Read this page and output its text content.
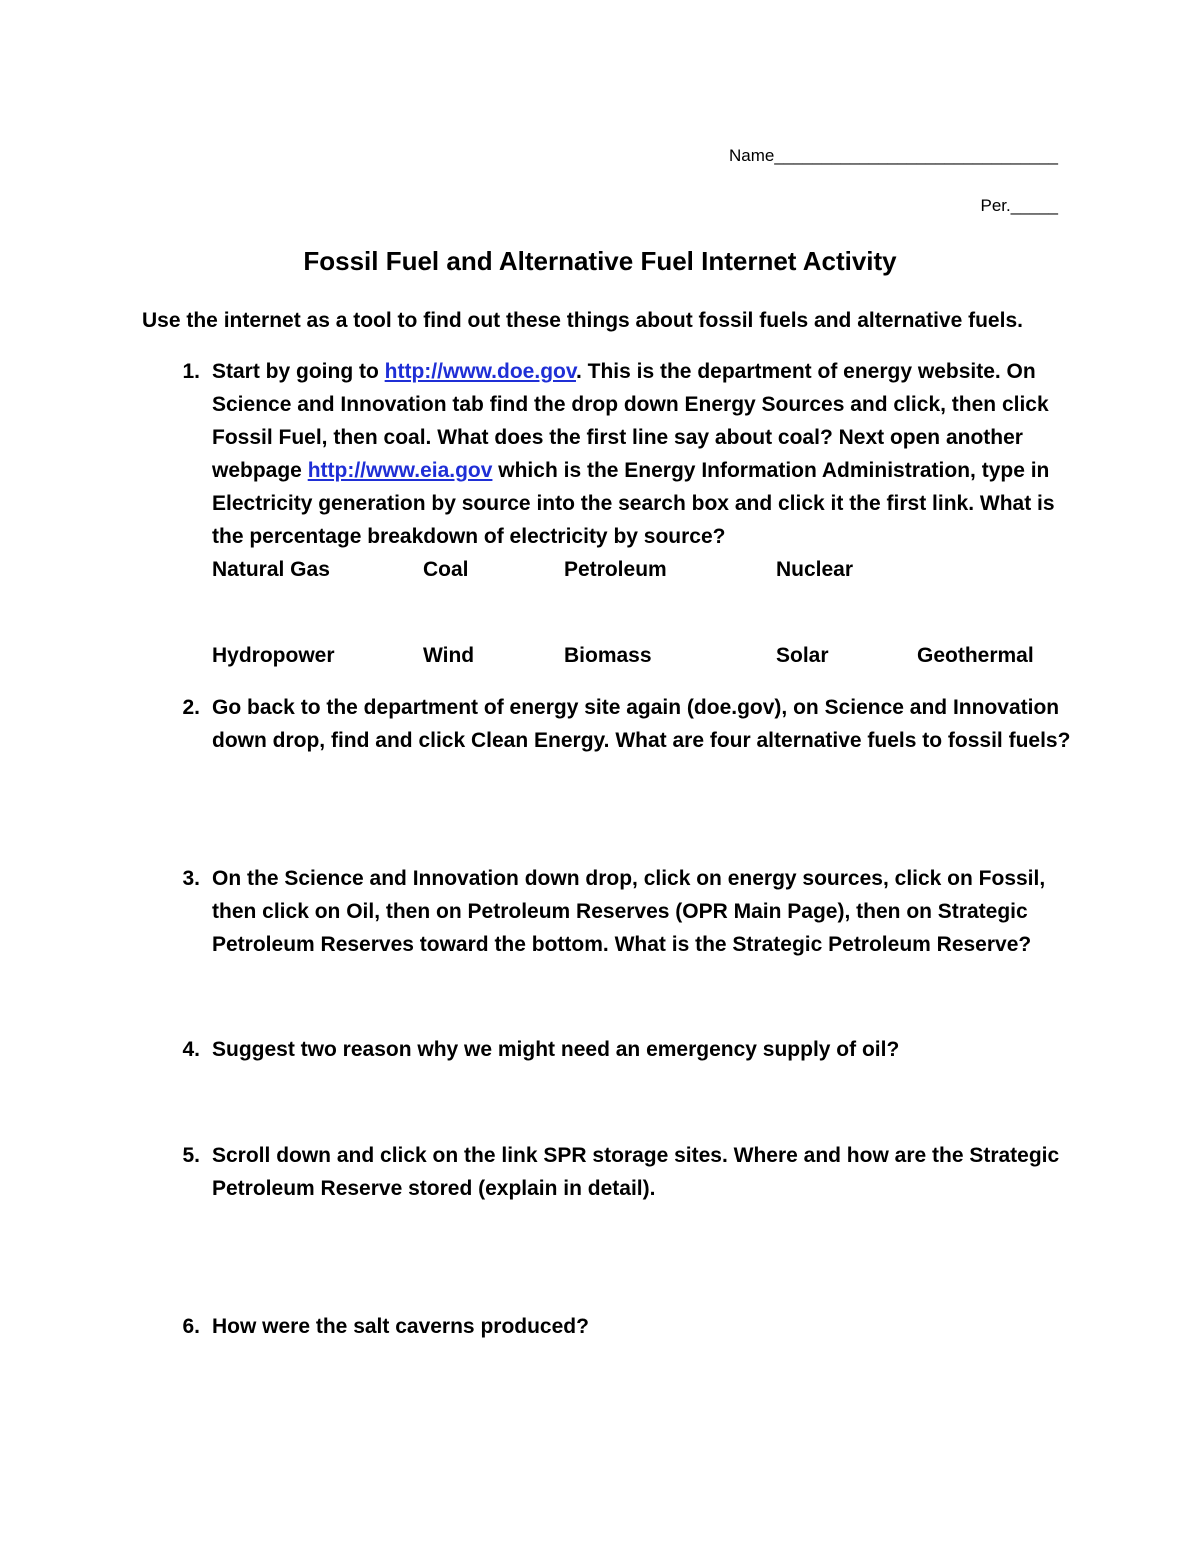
Name______________________________
Per._____
Fossil Fuel and Alternative Fuel Internet Activity
Use the internet as a tool to find out these things about fossil fuels and alternative fuels.
1. Start by going to http://www.doe.gov. This is the department of energy website. On
Science and Innovation tab find the drop down Energy Sources and click, then click
Fossil Fuel, then coal. What does the first line say about coal? Next open another
webpage http://www.eia.gov which is the Energy Information Administration, type in
Electricity generation by source into the search box and click it the first link. What is
the percentage breakdown of electricity by source?
Natural Gas	Coal	Petroleum	Nuclear
Hydropower	Wind	Biomass	Solar	Geothermal
2. Go back to the department of energy site again (doe.gov), on Science and Innovation
down drop, find and click Clean Energy. What are four alternative fuels to fossil fuels?
3. On the Science and Innovation down drop, click on energy sources, click on Fossil,
then click on Oil, then on Petroleum Reserves (OPR Main Page), then on Strategic
Petroleum Reserves toward the bottom. What is the Strategic Petroleum Reserve?
4. Suggest two reason why we might need an emergency supply of oil?
5. Scroll down and click on the link SPR storage sites. Where and how are the Strategic
Petroleum Reserve stored (explain in detail).
6. How were the salt caverns produced?
